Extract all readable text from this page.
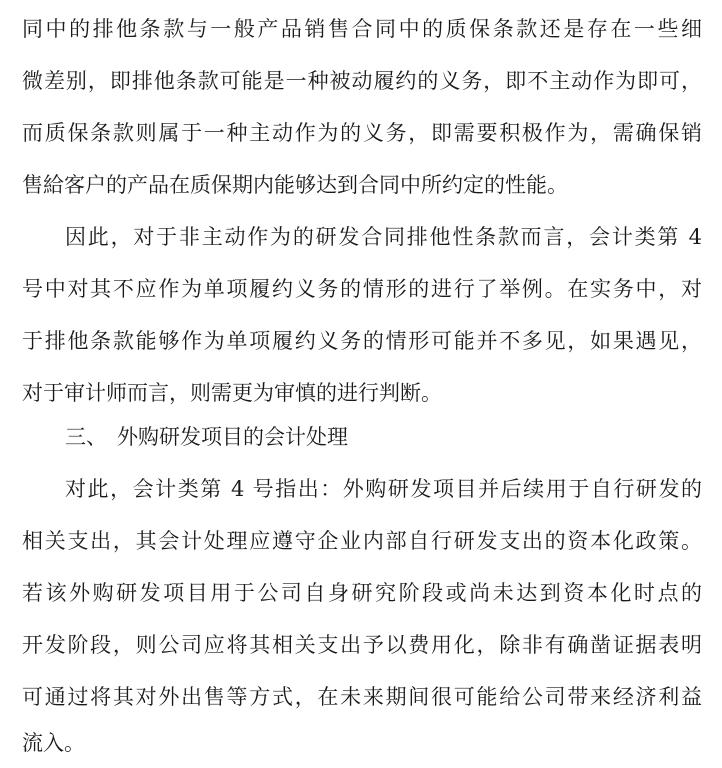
同中的排他条款与一般产品销售合同中的质保条款还是存在一些细
微差别，即排他条款可能是一种被动履约的义务，即不主动作为即可，
而质保条款则属于一种主动作为的义务，即需要积极作为，需确保销
售給客户的产品在质保期内能够达到合同中所约定的性能。
因此，对于非主动作为的研发合同排他性条款而言，会计类第 4
号中对其不应作为单项履约义务的情形的进行了举例。在实务中，对
于排他条款能够作为单项履约义务的情形可能并不多见，如果遇见，
对于审计师而言，则需更为审慎的进行判断。
三、 外购研发项目的会计处理
对此，会计类第 4 号指出：外购研发项目并后续用于自行研发的
相关支出，其会计处理应遵守企业内部自行研发支出的资本化政策。
若该外购研发项目用于公司自身研究阶段或尚未达到资本化时点的
开发阶段，则公司应将其相关支出予以费用化，除非有确凿证据表明
可通过将其对外出售等方式，在未来期间很可能给公司带来经济利益
流入。
